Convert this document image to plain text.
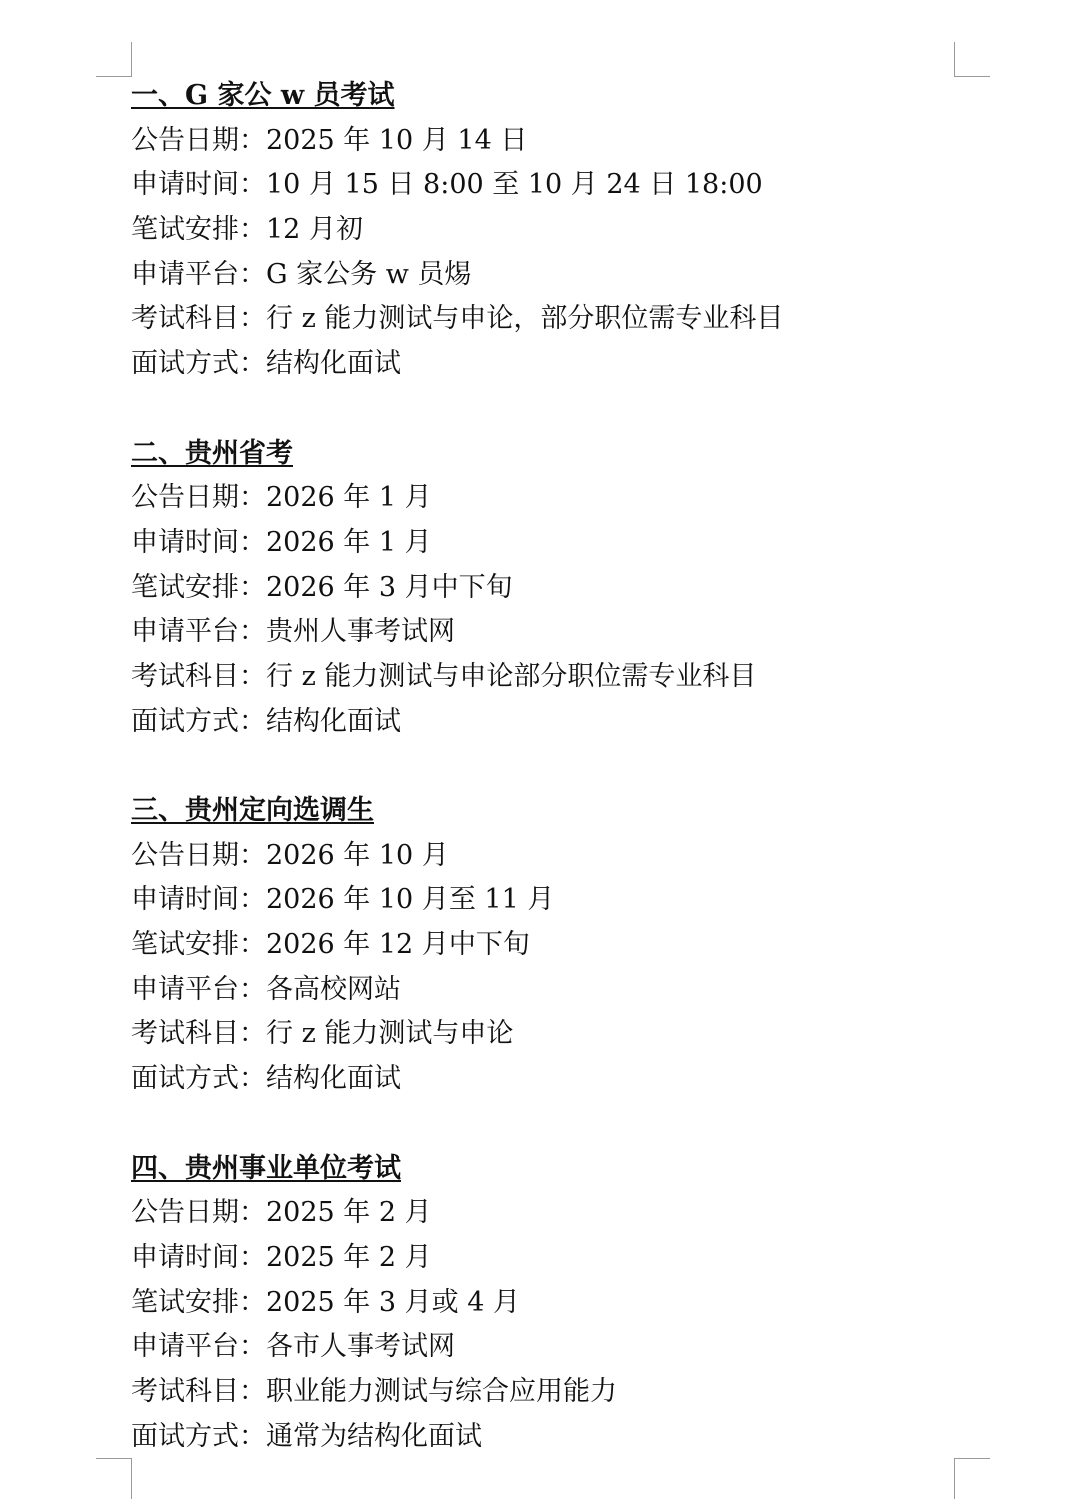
一、G 家公 w 员考试
公告日期：2025 年 10 月 14 日
申请时间：10 月 15 日 8:00 至 10 月 24 日 18:00
笔试安排：12 月初
申请平台：G 家公务 w 员焬
考试科目：行 z 能力测试与申论，部分职位需专业科目
面试方式：结构化面试
二、贵州省考
公告日期：2026 年 1 月
申请时间：2026 年 1 月
笔试安排：2026 年 3 月中下旬
申请平台：贵州人事考试网
考试科目：行 z 能力测试与申论部分职位需专业科目
面试方式：结构化面试
三、贵州定向选调生
公告日期：2026 年 10 月
申请时间：2026 年 10 月至 11 月
笔试安排：2026 年 12 月中下旬
申请平台：各高校网站
考试科目：行 z 能力测试与申论
面试方式：结构化面试
四、贵州事业单位考试
公告日期：2025 年 2 月
申请时间：2025 年 2 月
笔试安排：2025 年 3 月或 4 月
申请平台：各市人事考试网
考试科目：职业能力测试与综合应用能力
面试方式：通常为结构化面试
